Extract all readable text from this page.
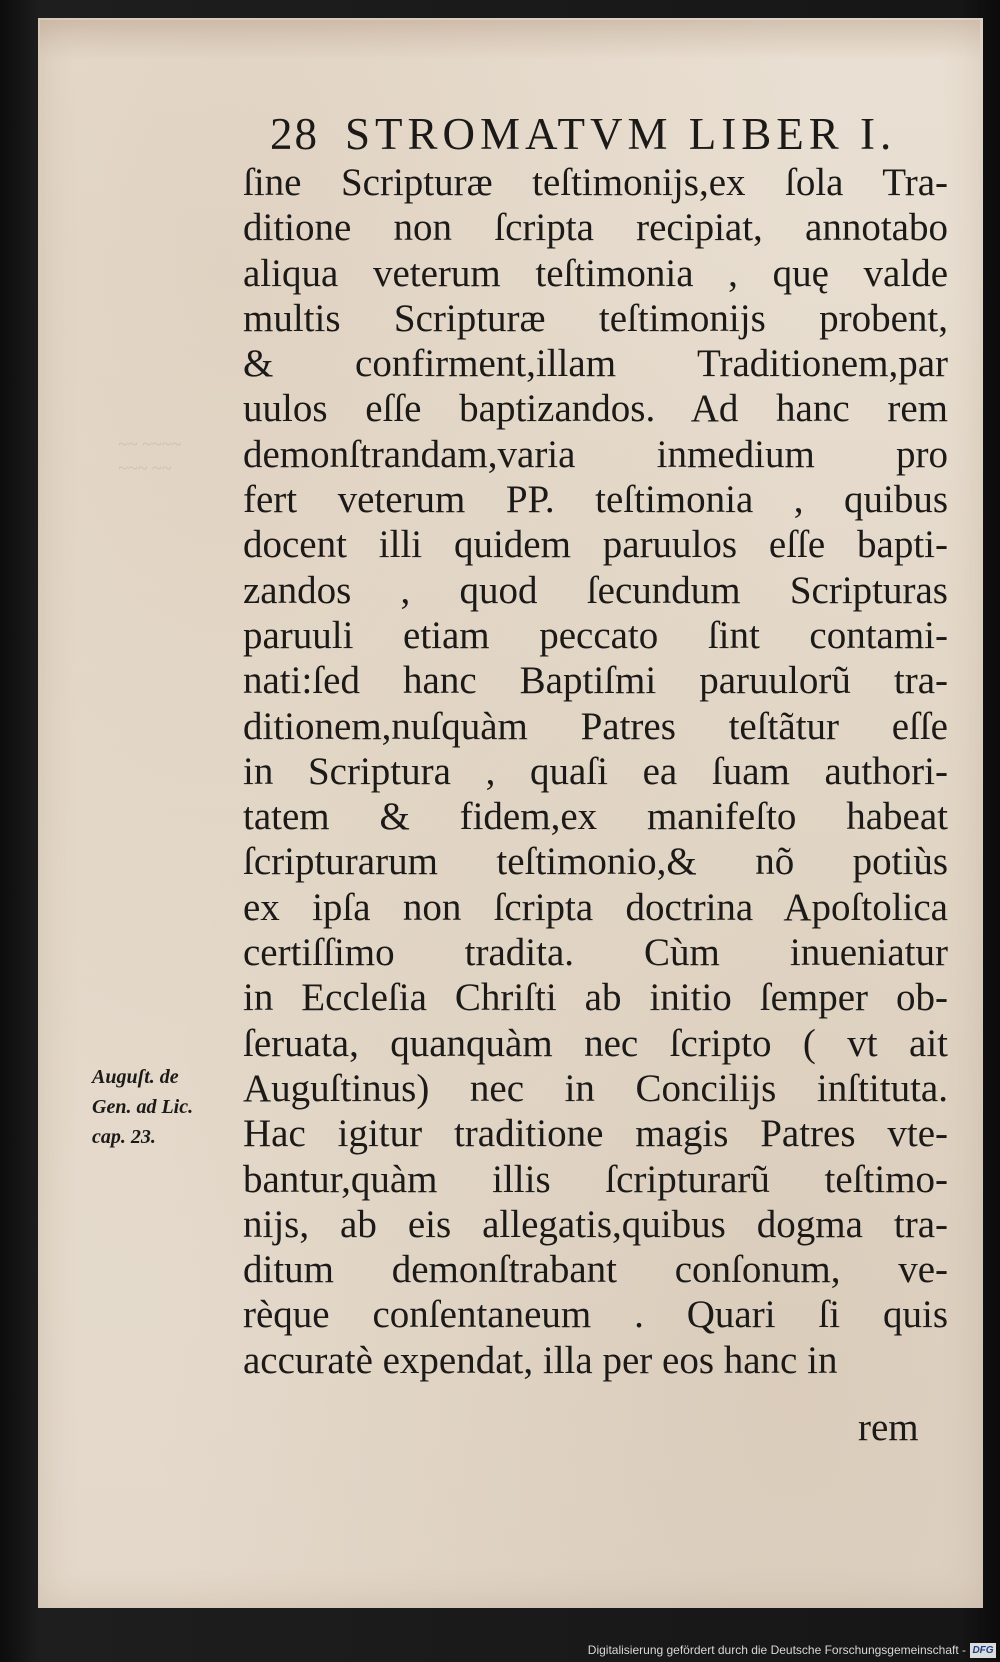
~~ ~~~~
~~~ ~~
28 STROMATVM LIBER I.
ſine Scripturæ teſtimonijs,ex ſola Tra-
ditione non ſcripta recipiat, annotabo
aliqua veterum teſtimonia , quę valde
multis Scripturæ teſtimonijs probent,
& confirment,illam Traditionem,par
uulos eſſe baptizandos. Ad hanc rem
demonſtrandam,varia inmedium pro
fert veterum PP. teſtimonia , quibus
docent illi quidem paruulos eſſe bapti-
zandos , quod ſecundum Scripturas
paruuli etiam peccato ſint contami-
nati:ſed hanc Baptiſmi paruulorũ tra-
ditionem,nuſquàm Patres teſtãtur eſſe
in Scriptura , quaſi ea ſuam authori-
tatem & fidem,ex manifeſto habeat
ſcripturarum teſtimonio,& nõ potiùs
ex ipſa non ſcripta doctrina Apoſtolica
certiſſimo tradita. Cùm inueniatur
in Eccleſia Chriſti ab initio ſemper ob-
ſeruata, quanquàm nec ſcripto ( vt ait
Auguſtinus) nec in Concilijs inſtituta.
Hac igitur traditione magis Patres vte-
bantur,quàm illis ſcripturarũ teſtimo-
nijs, ab eis allegatis,quibus dogma tra-
ditum demonſtrabant conſonum, ve-
rèque conſentaneum . Quari ſi quis
accuratè expendat, illa per eos hanc in
rem
Auguſt. de
Gen. ad Lic.
cap. 23.
Digitalisierung gefördert durch die Deutsche Forschungsgemeinschaft - DFG
